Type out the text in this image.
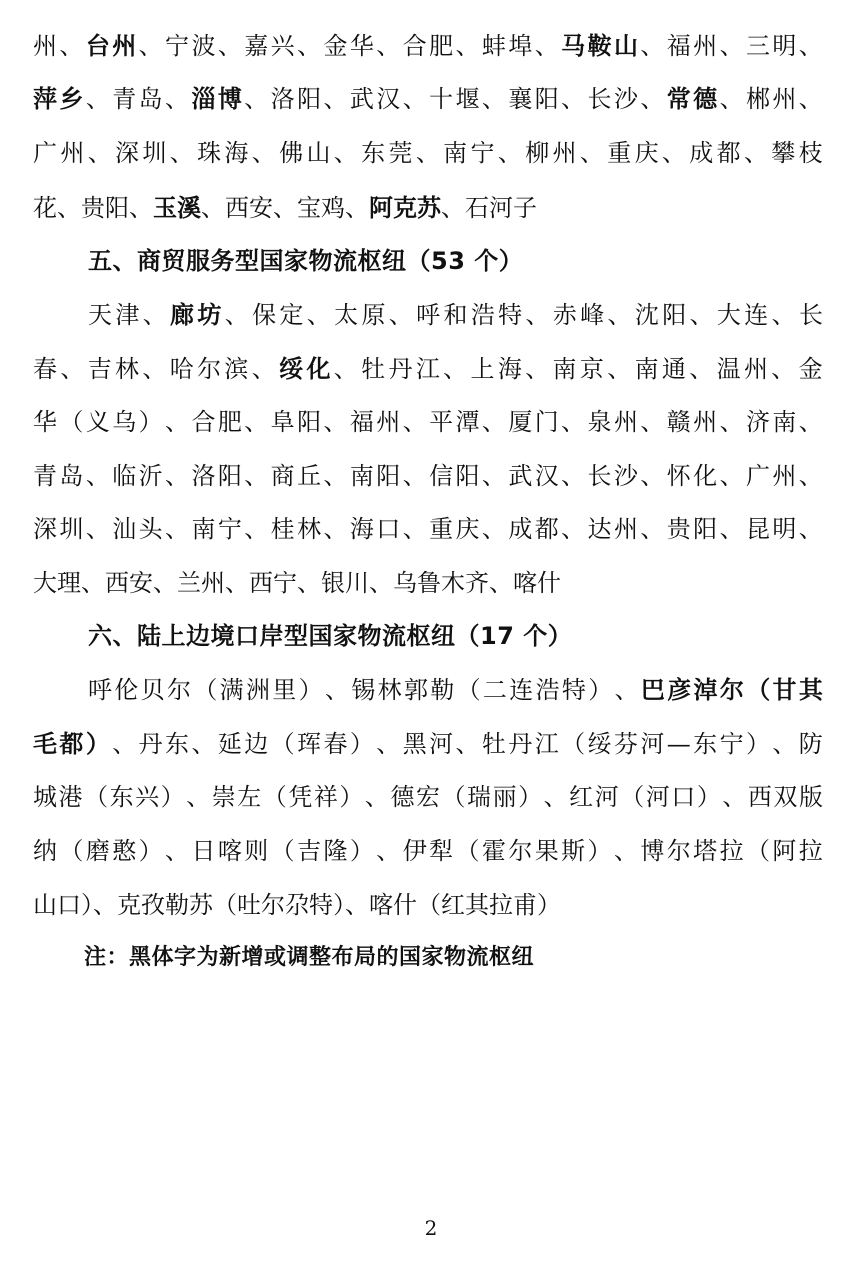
州 、 台 州 、 宁 波 、 嘉 兴 、 金 华 、 合 肥 、 蚌 埠 、 马 鞍 山 、 福 州 、 三 明 、
萍 乡 、 青 岛 、 淄 博 、 洛 阳 、 武 汉 、 十 堰 、 襄 阳 、 长 沙 、 常 德 、 郴 州 、
广 州 、 深 圳 、 珠 海 、 佛 山 、 东 莞 、 南 宁 、 柳 州 、 重 庆 、 成 都 、 攀 枝
花、贵阳、玉溪、西安、宝鸡、阿克苏、石河子
五、商贸服务型国家物流枢纽（53 个）
天 津 、 廊 坊 、 保 定 、 太 原 、 呼 和 浩 特 、 赤 峰 、 沈 阳 、 大 连 、 长
春 、 吉 林 、 哈 尔 滨 、 绥 化 、 牡 丹 江 、 上 海 、 南 京 、 南 通 、 温 州 、 金
华 （ 义 乌 ） 、 合 肥 、 阜 阳 、 福 州 、 平 潭 、 厦 门 、 泉 州 、 赣 州 、 济 南 、
青 岛 、 临 沂 、 洛 阳 、 商 丘 、 南 阳 、 信 阳 、 武 汉 、 长 沙 、 怀 化 、 广 州 、
深 圳 、 汕 头 、 南 宁 、 桂 林 、 海 口 、 重 庆 、 成 都 、 达 州 、 贵 阳 、 昆 明 、
大理、西安、兰州、西宁、银川、乌鲁木齐、喀什
六、陆上边境口岸型国家物流枢纽（17 个）
呼 伦 贝 尔 （ 满 洲 里 ） 、 锡 林 郭 勒 （ 二 连 浩 特 ） 、 巴 彦 淖 尔 （ 甘 其
毛 都 ） 、 丹 东 、 延 边 （ 珲 春 ） 、 黑 河 、 牡 丹 江 （ 绥 芬 河 — 东 宁 ） 、 防
城 港 （ 东 兴 ） 、 崇 左 （ 凭 祥 ） 、 德 宏 （ 瑞 丽 ） 、 红 河 （ 河 口 ） 、 西 双 版
纳 （ 磨 憨 ） 、 日 喀 则 （ 吉 隆 ） 、 伊 犁 （ 霍 尔 果 斯 ） 、 博 尔 塔 拉 （ 阿 拉
山口）、克孜勒苏（吐尔尕特）、喀什（红其拉甫）
注：黑体字为新增或调整布局的国家物流枢纽
2
